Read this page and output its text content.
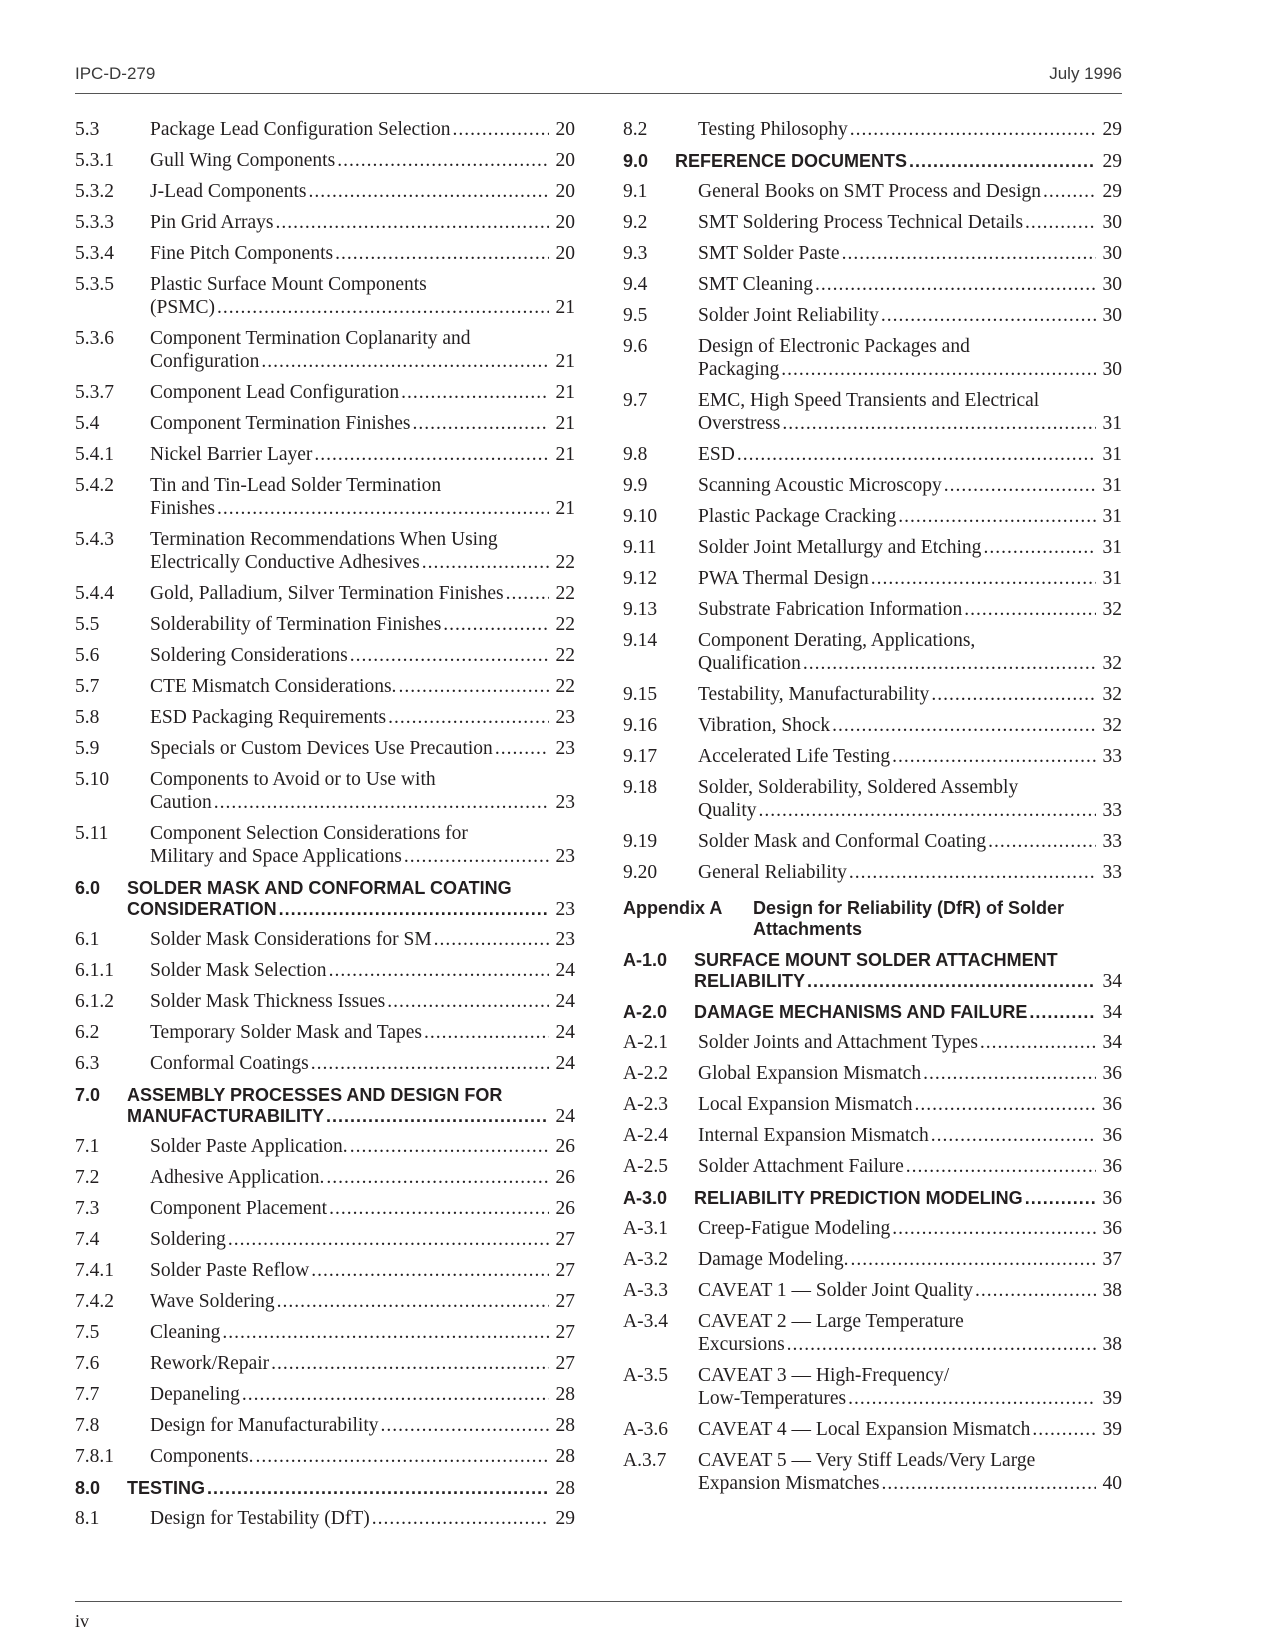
IPC-D-279	July 1996
5.3	Package Lead Configuration Selection .....	20
5.3.1 Gull Wing Components .....	20
5.3.2 J-Lead Components .....	20
5.3.3 Pin Grid Arrays .....	20
5.3.4 Fine Pitch Components .....	20
5.3.5 Plastic Surface Mount Components
(PSMC) .....	21
5.3.6 Component Termination Coplanarity and
Configuration .....	21
5.3.7 Component Lead Configuration .....	21
5.4	Component Termination Finishes .....	21
5.4.1 Nickel Barrier Layer .....	21
5.4.2 Tin and Tin-Lead Solder Termination
Finishes .....	21
5.4.3 Termination Recommendations When Using
Electrically Conductive Adhesives .....	22
5.4.4 Gold, Palladium, Silver Termination Finishes .....	22
5.5	Solderability of Termination Finishes .....	22
5.6	Soldering Considerations .....	22
5.7	CTE Mismatch Considerations. .....	22
5.8	ESD Packaging Requirements .....	23
5.9	Specials or Custom Devices Use Precaution .....	23
5.10 Components to Avoid or to Use with
Caution .....	23
5.11 Component Selection Considerations for
Military and Space Applications .....	23
6.0 SOLDER MASK AND CONFORMAL COATING
CONSIDERATION .....	23
6.1	Solder Mask Considerations for SM .....	23
6.1.1 Solder Mask Selection .....	24
6.1.2 Solder Mask Thickness Issues .....	24
6.2	Temporary Solder Mask and Tapes .....	24
6.3	Conformal Coatings .....	24
7.0 ASSEMBLY PROCESSES AND DESIGN FOR
MANUFACTURABILITY .....	24
7.1	Solder Paste Application. .....	26
7.2	Adhesive Application. .....	26
7.3	Component Placement .....	26
7.4	Soldering .....	27
7.4.1 Solder Paste Reflow .....	27
7.4.2 Wave Soldering .....	27
7.5	Cleaning .....	27
7.6	Rework/Repair .....	27
7.7	Depaneling .....	28
7.8	Design for Manufacturability .....	28
7.8.1 Components. .....	28
8.0 TESTING .....	28
8.1	Design for Testability (DfT) .....	29
8.2	Testing Philosophy .....	29
9.0 REFERENCE DOCUMENTS .....	29
9.1	General Books on SMT Process and Design .....	29
9.2	SMT Soldering Process Technical Details .....	30
9.3	SMT Solder Paste .....	30
9.4	SMT Cleaning .....	30
9.5	Solder Joint Reliability .....	30
9.6	Design of Electronic Packages and
Packaging .....	30
9.7	EMC, High Speed Transients and Electrical
Overstress .....	31
9.8	ESD .....	31
9.9	Scanning Acoustic Microscopy .....	31
9.10 Plastic Package Cracking .....	31
9.11 Solder Joint Metallurgy and Etching .....	31
9.12 PWA Thermal Design .....	31
9.13 Substrate Fabrication Information .....	32
9.14 Component Derating, Applications,
Qualification .....	32
9.15 Testability, Manufacturability .....	32
9.16 Vibration, Shock .....	32
9.17 Accelerated Life Testing .....	33
9.18 Solder, Solderability, Soldered Assembly
Quality .....	33
9.19 Solder Mask and Conformal Coating .....	33
9.20 General Reliability .....	33
Appendix A Design for Reliability (DfR) of Solder
Attachments
A-1.0 SURFACE MOUNT SOLDER ATTACHMENT
RELIABILITY .....	34
A-2.0 DAMAGE MECHANISMS AND FAILURE .....	34
A-2.1 Solder Joints and Attachment Types .....	34
A-2.2 Global Expansion Mismatch .....	36
A-2.3 Local Expansion Mismatch .....	36
A-2.4 Internal Expansion Mismatch .....	36
A-2.5 Solder Attachment Failure .....	36
A-3.0 RELIABILITY PREDICTION MODELING .....	36
A-3.1 Creep-Fatigue Modeling .....	36
A-3.2 Damage Modeling. .....	37
A-3.3 CAVEAT 1 — Solder Joint Quality .....	38
A-3.4 CAVEAT 2 — Large Temperature
Excursions .....	38
A-3.5 CAVEAT 3 — High-Frequency/
Low-Temperatures .....	39
A-3.6 CAVEAT 4 — Local Expansion Mismatch .....	39
A.3.7 CAVEAT 5 — Very Stiff Leads/Very Large
Expansion Mismatches .....	40
iv
